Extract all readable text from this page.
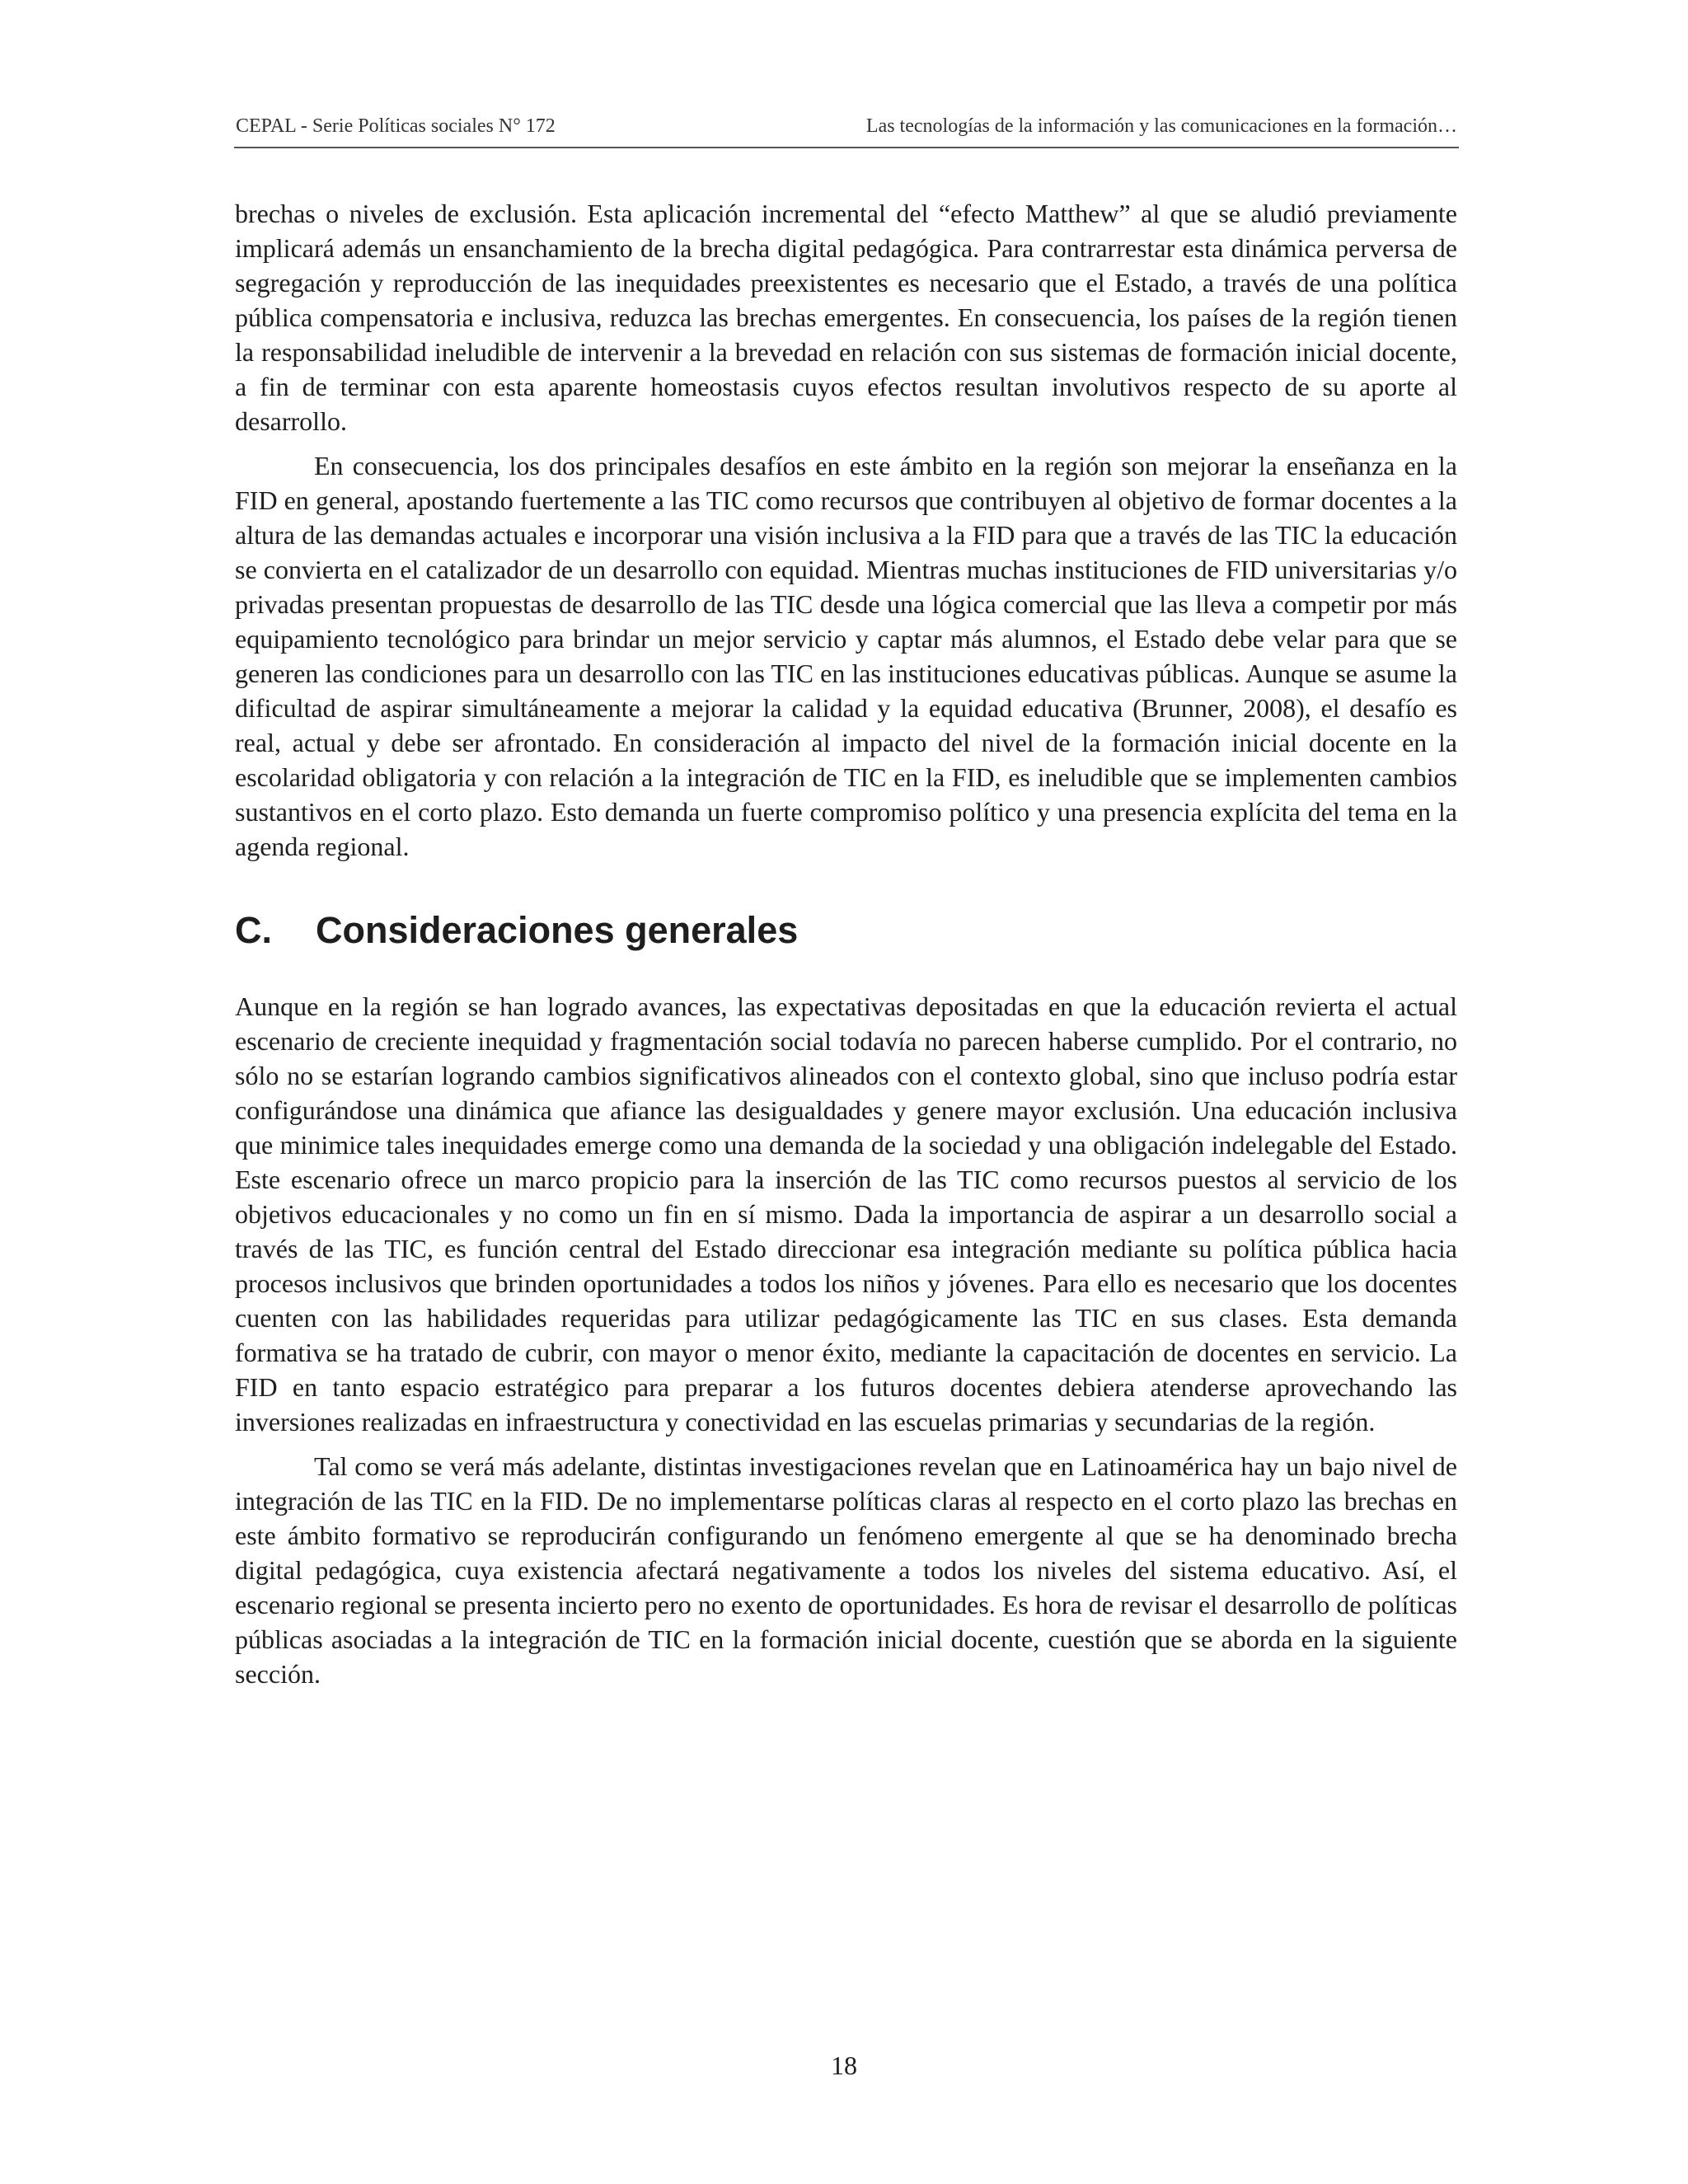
CEPAL - Serie Políticas sociales N° 172	Las tecnologías de la información y las comunicaciones en la formación…

brechas o niveles de exclusión. Esta aplicación incremental del “efecto Matthew” al que se aludió previamente implicará además un ensanchamiento de la brecha digital pedagógica. Para contrarrestar esta dinámica perversa de segregación y reproducción de las inequidades preexistentes es necesario que el Estado, a través de una política pública compensatoria e inclusiva, reduzca las brechas emergentes. En consecuencia, los países de la región tienen la responsabilidad ineludible de intervenir a la brevedad en relación con sus sistemas de formación inicial docente, a fin de terminar con esta aparente homeostasis cuyos efectos resultan involutivos respecto de su aporte al desarrollo.

En consecuencia, los dos principales desafíos en este ámbito en la región son mejorar la enseñanza en la FID en general, apostando fuertemente a las TIC como recursos que contribuyen al objetivo de formar docentes a la altura de las demandas actuales e incorporar una visión inclusiva a la FID para que a través de las TIC la educación se convierta en el catalizador de un desarrollo con equidad. Mientras muchas instituciones de FID universitarias y/o privadas presentan propuestas de desarrollo de las TIC desde una lógica comercial que las lleva a competir por más equipamiento tecnológico para brindar un mejor servicio y captar más alumnos, el Estado debe velar para que se generen las condiciones para un desarrollo con las TIC en las instituciones educativas públicas. Aunque se asume la dificultad de aspirar simultáneamente a mejorar la calidad y la equidad educativa (Brunner, 2008), el desafío es real, actual y debe ser afrontado. En consideración al impacto del nivel de la formación inicial docente en la escolaridad obligatoria y con relación a la integración de TIC en la FID, es ineludible que se implementen cambios sustantivos en el corto plazo. Esto demanda un fuerte compromiso político y una presencia explícita del tema en la agenda regional.

C.	Consideraciones generales

Aunque en la región se han logrado avances, las expectativas depositadas en que la educación revierta el actual escenario de creciente inequidad y fragmentación social todavía no parecen haberse cumplido. Por el contrario, no sólo no se estarían logrando cambios significativos alineados con el contexto global, sino que incluso podría estar configurándose una dinámica que afiance las desigualdades y genere mayor exclusión. Una educación inclusiva que minimice tales inequidades emerge como una demanda de la sociedad y una obligación indelegable del Estado. Este escenario ofrece un marco propicio para la inserción de las TIC como recursos puestos al servicio de los objetivos educacionales y no como un fin en sí mismo. Dada la importancia de aspirar a un desarrollo social a través de las TIC, es función central del Estado direccionar esa integración mediante su política pública hacia procesos inclusivos que brinden oportunidades a todos los niños y jóvenes. Para ello es necesario que los docentes cuenten con las habilidades requeridas para utilizar pedagógicamente las TIC en sus clases. Esta demanda formativa se ha tratado de cubrir, con mayor o menor éxito, mediante la capacitación de docentes en servicio. La FID en tanto espacio estratégico para preparar a los futuros docentes debiera atenderse aprovechando las inversiones realizadas en infraestructura y conectividad en las escuelas primarias y secundarias de la región.

Tal como se verá más adelante, distintas investigaciones revelan que en Latinoamérica hay un bajo nivel de integración de las TIC en la FID. De no implementarse políticas claras al respecto en el corto plazo las brechas en este ámbito formativo se reproducirán configurando un fenómeno emergente al que se ha denominado brecha digital pedagógica, cuya existencia afectará negativamente a todos los niveles del sistema educativo. Así, el escenario regional se presenta incierto pero no exento de oportunidades. Es hora de revisar el desarrollo de políticas públicas asociadas a la integración de TIC en la formación inicial docente, cuestión que se aborda en la siguiente sección.

18
